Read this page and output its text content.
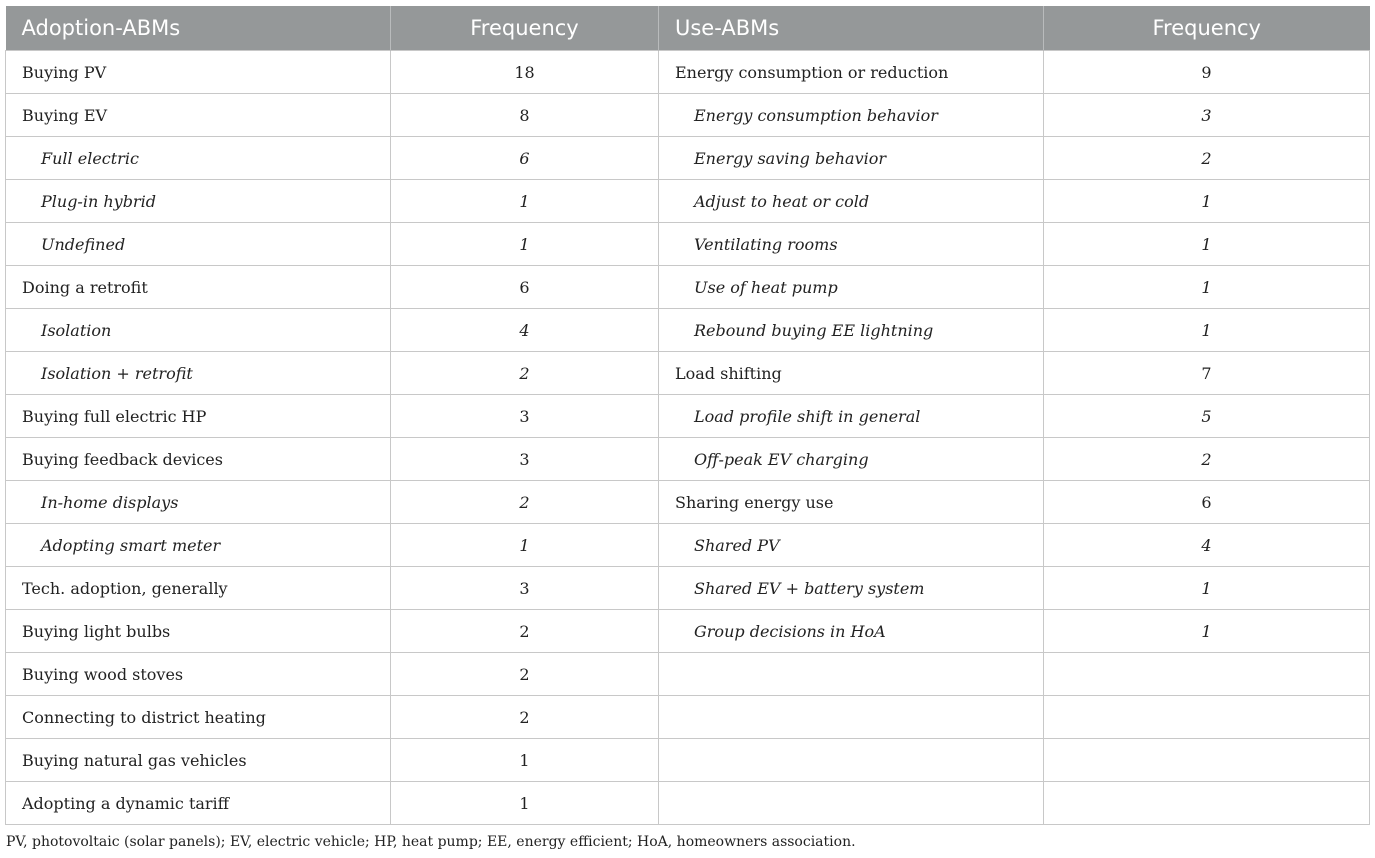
Adoption-ABMs	Frequency	Use-ABMs	Frequency
Buying PV	18	Energy consumption or reduction	9
Buying EV	8	Energy consumption behavior	3
Full electric	6	Energy saving behavior	2
Plug-in hybrid	1	Adjust to heat or cold	1
Undefined	1	Ventilating rooms	1
Doing a retrofit	6	Use of heat pump	1
Isolation	4	Rebound buying EE lightning	1
Isolation + retrofit	2	Load shifting	7
Buying full electric HP	3	Load profile shift in general	5
Buying feedback devices	3	Off-peak EV charging	2
In-home displays	2	Sharing energy use	6
Adopting smart meter	1	Shared PV	4
Tech. adoption, generally	3	Shared EV + battery system	1
Buying light bulbs	2	Group decisions in HoA	1
Buying wood stoves	2		
Connecting to district heating	2		
Buying natural gas vehicles	1		
Adopting a dynamic tariff	1		
PV, photovoltaic (solar panels); EV, electric vehicle; HP, heat pump; EE, energy efficient; HoA, homeowners association.
